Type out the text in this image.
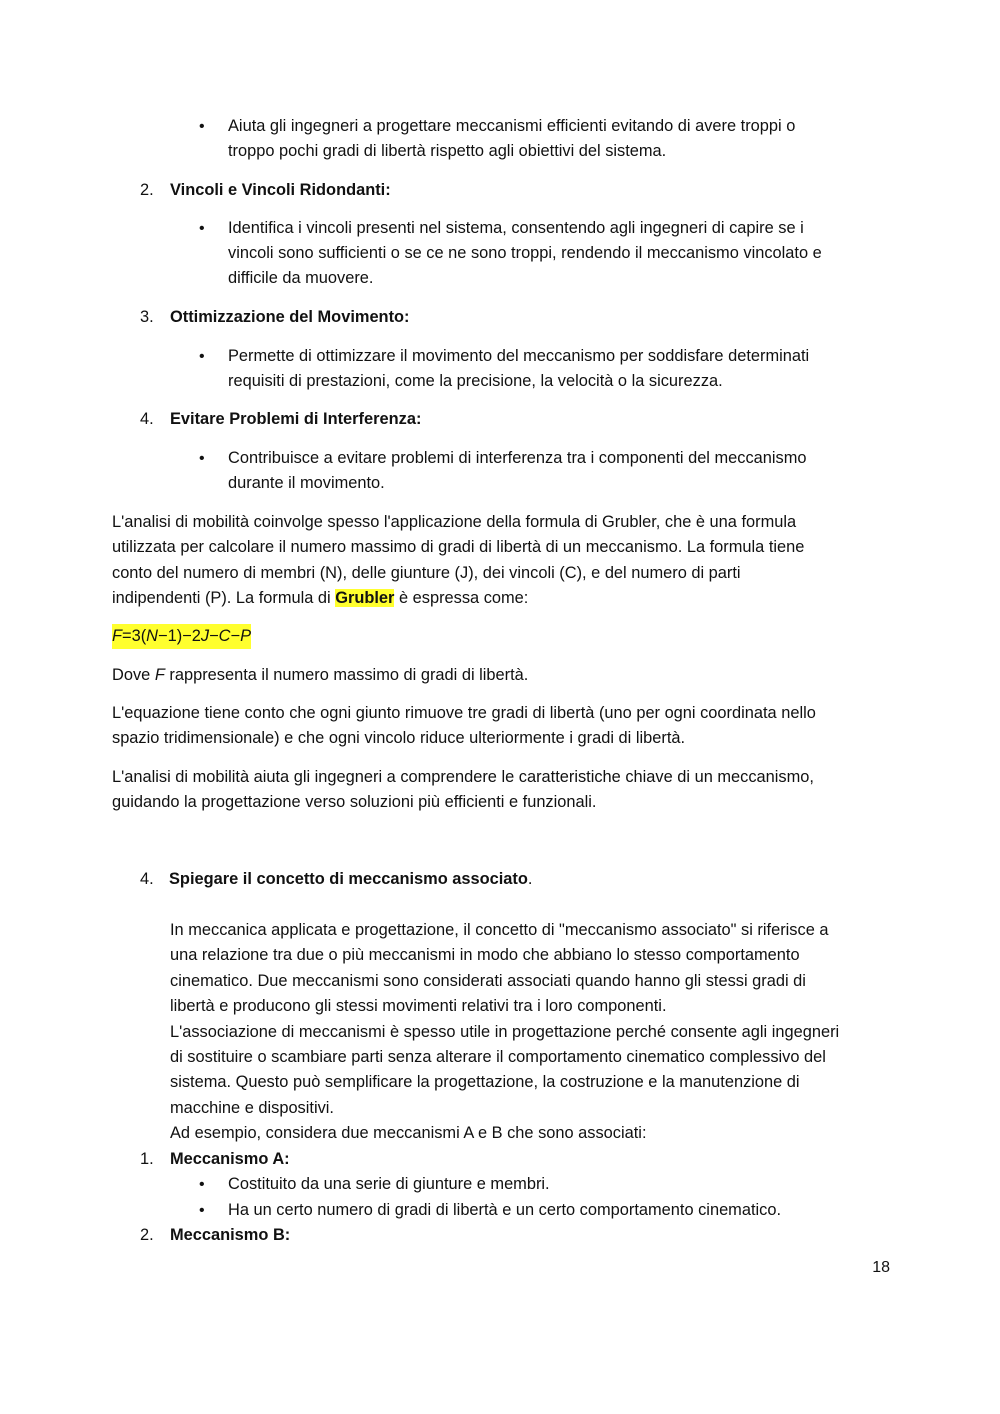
• Aiuta gli ingegneri a progettare meccanismi efficienti evitando di avere troppi o

troppo pochi gradi di libertà rispetto agli obiettivi del sistema.

2. Vincoli e Vincoli Ridondanti:

• Identifica i vincoli presenti nel sistema, consentendo agli ingegneri di capire se i

vincoli sono sufficienti o se ce ne sono troppi, rendendo il meccanismo vincolato e

difficile da muovere.

3. Ottimizzazione del Movimento:

• Permette di ottimizzare il movimento del meccanismo per soddisfare determinati

requisiti di prestazioni, come la precisione, la velocità o la sicurezza.

4. Evitare Problemi di Interferenza:

• Contribuisce a evitare problemi di interferenza tra i componenti del meccanismo

durante il movimento.

L'analisi di mobilità coinvolge spesso l'applicazione della formula di Grubler, che è una formula

utilizzata per calcolare il numero massimo di gradi di libertà di un meccanismo. La formula tiene

conto del numero di membri (N), delle giunture (J), dei vincoli (C), e del numero di parti

indipendenti (P). La formula di Grubler è espressa come:

F=3(N−1)−2J−C−P

Dove F rappresenta il numero massimo di gradi di libertà.

L'equazione tiene conto che ogni giunto rimuove tre gradi di libertà (uno per ogni coordinata nello

spazio tridimensionale) e che ogni vincolo riduce ulteriormente i gradi di libertà.

L'analisi di mobilità aiuta gli ingegneri a comprendere le caratteristiche chiave di un meccanismo,

guidando la progettazione verso soluzioni più efficienti e funzionali.

4. Spiegare il concetto di meccanismo associato.

In meccanica applicata e progettazione, il concetto di "meccanismo associato" si riferisce a

una relazione tra due o più meccanismi in modo che abbiano lo stesso comportamento

cinematico. Due meccanismi sono considerati associati quando hanno gli stessi gradi di

libertà e producono gli stessi movimenti relativi tra i loro componenti.

L'associazione di meccanismi è spesso utile in progettazione perché consente agli ingegneri

di sostituire o scambiare parti senza alterare il comportamento cinematico complessivo del

sistema. Questo può semplificare la progettazione, la costruzione e la manutenzione di

macchine e dispositivi.

Ad esempio, considera due meccanismi A e B che sono associati:

1. Meccanismo A:

• Costituito da una serie di giunture e membri.

• Ha un certo numero di gradi di libertà e un certo comportamento cinematico.

2. Meccanismo B:

18
